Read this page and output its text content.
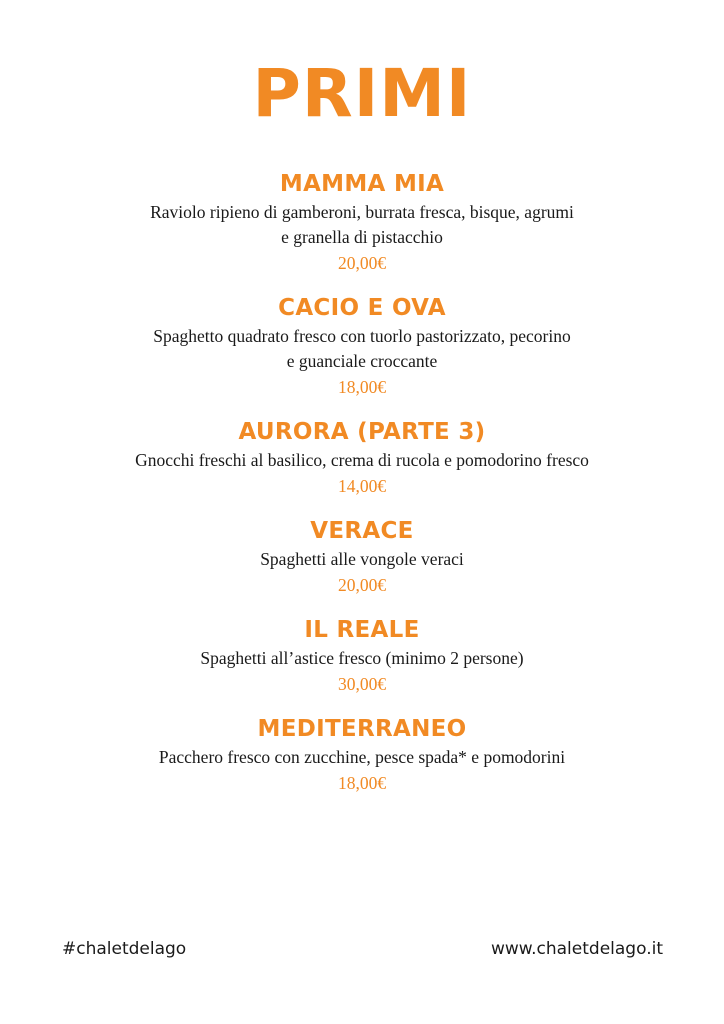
PRIMI

MAMMA MIA

Raviolo ripieno di gamberoni, burrata fresca, bisque, agrumi

e granella di pistacchio

20,00€

CACIO E OVA

Spaghetto quadrato fresco con tuorlo pastorizzato, pecorino

e guanciale croccante

18,00€

AURORA (PARTE 3)

Gnocchi freschi al basilico, crema di rucola e pomodorino fresco

14,00€

VERACE

Spaghetti alle vongole veraci

20,00€

IL REALE

Spaghetti all’astice fresco (minimo 2 persone)

30,00€

MEDITERRANEO

Pacchero fresco con zucchine, pesce spada* e pomodorini

18,00€

#chaletdelago	www.chaletdelago.it
